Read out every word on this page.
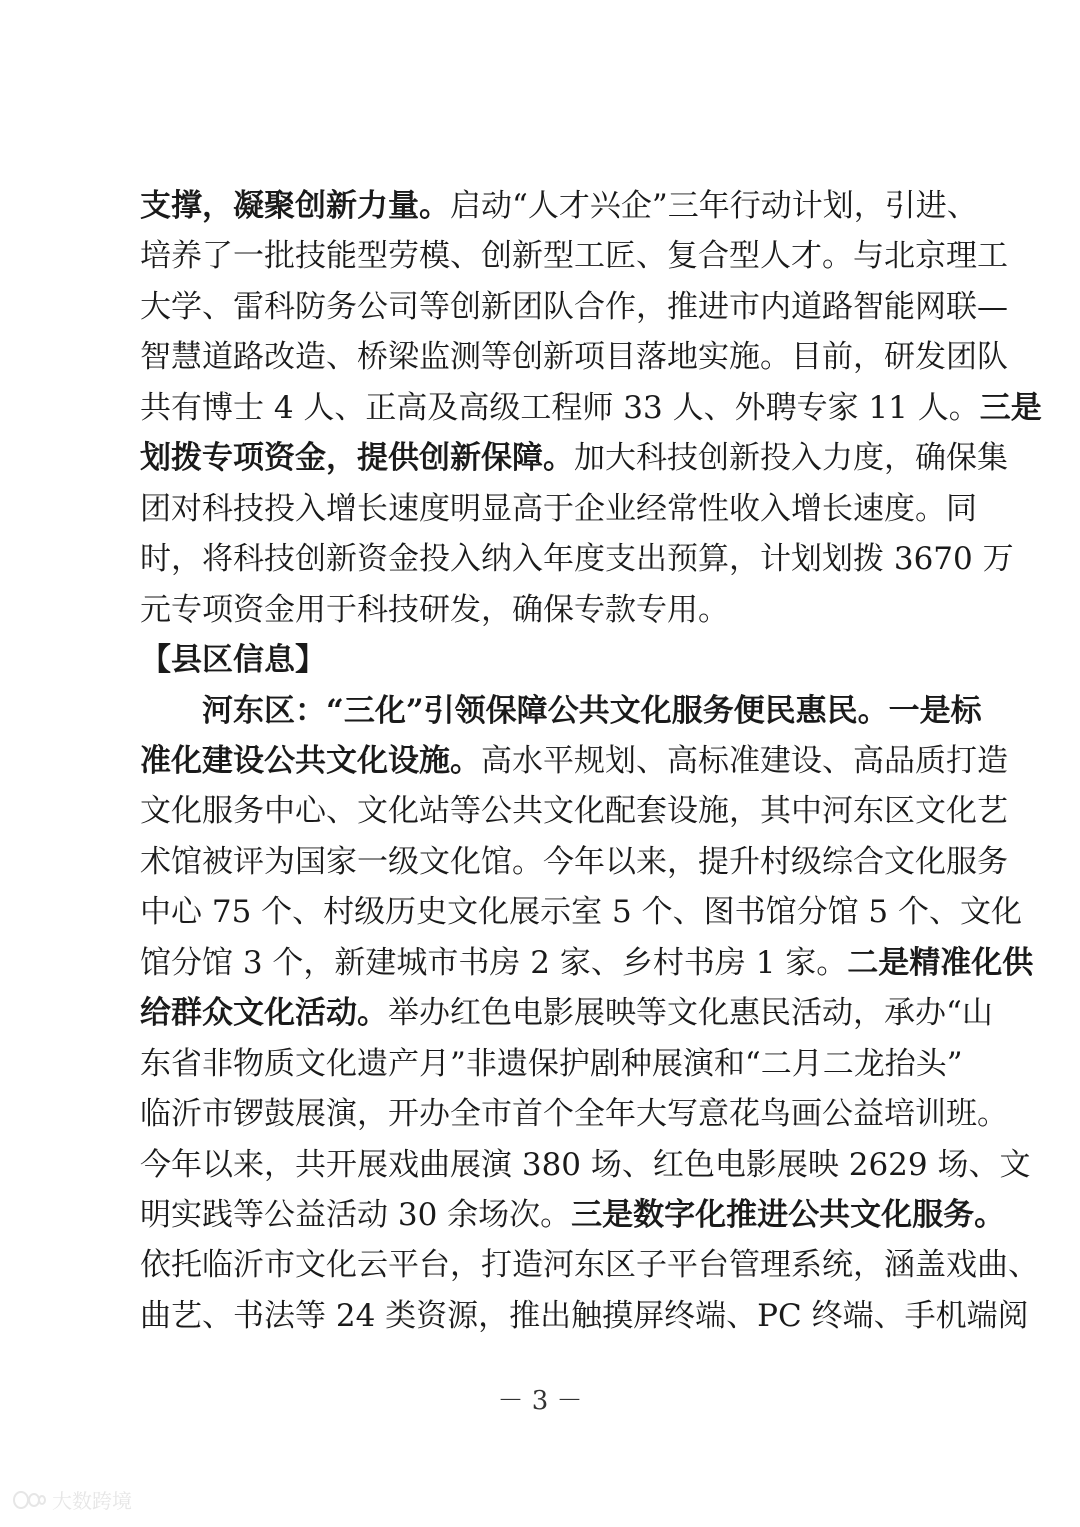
支撑，凝聚创新力量。启动“人才兴企”三年行动计划，引进、
培养了一批技能型劳模、创新型工匠、复合型人才。与北京理工
大学、雷科防务公司等创新团队合作，推进市内道路智能网联—
智慧道路改造、桥梁监测等创新项目落地实施。目前，研发团队
共有博士 4 人、正高及高级工程师 33 人、外聘专家 11 人。三是
划拨专项资金，提供创新保障。加大科技创新投入力度，确保集
团对科技投入增长速度明显高于企业经常性收入增长速度。同
时，将科技创新资金投入纳入年度支出预算，计划划拨 3670 万
元专项资金用于科技研发，确保专款专用。
【县区信息】
河东区：“三化”引领保障公共文化服务便民惠民。一是标
准化建设公共文化设施。高水平规划、高标准建设、高品质打造
文化服务中心、文化站等公共文化配套设施，其中河东区文化艺
术馆被评为国家一级文化馆。今年以来，提升村级综合文化服务
中心 75 个、村级历史文化展示室 5 个、图书馆分馆 5 个、文化
馆分馆 3 个，新建城市书房 2 家、乡村书房 1 家。二是精准化供
给群众文化活动。举办红色电影展映等文化惠民活动，承办“山
东省非物质文化遗产月”非遗保护剧种展演和“二月二龙抬头”
临沂市锣鼓展演，开办全市首个全年大写意花鸟画公益培训班。
今年以来，共开展戏曲展演 380 场、红色电影展映 2629 场、文
明实践等公益活动 30 余场次。三是数字化推进公共文化服务。
依托临沂市文化云平台，打造河东区子平台管理系统，涵盖戏曲、
曲艺、书法等 24 类资源，推出触摸屏终端、PC 终端、手机端阅
－ 3 －
大数跨境
